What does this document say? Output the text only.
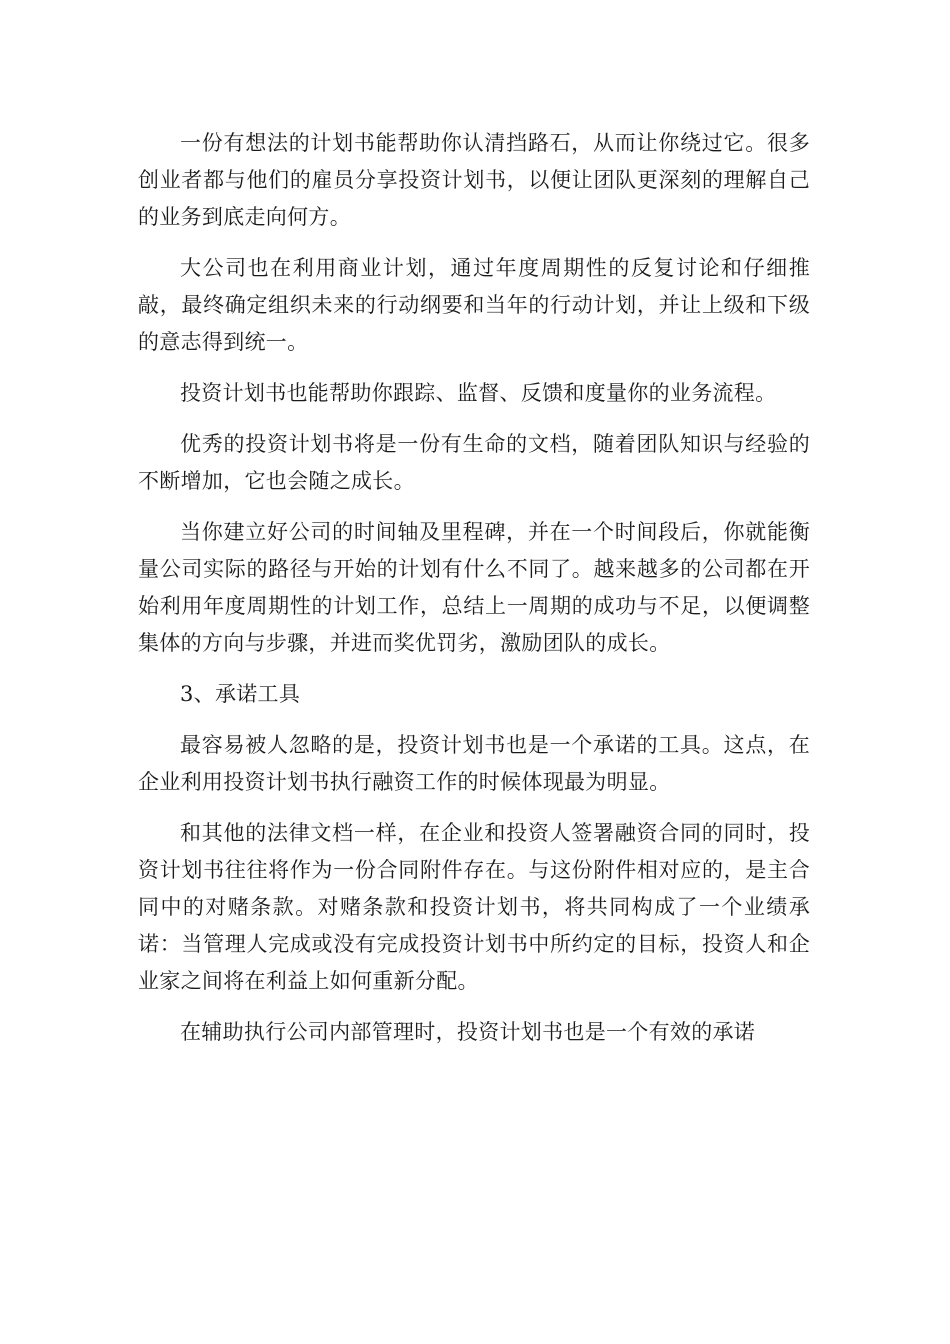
一份有想法的计划书能帮助你认清挡路石，从而让你绕过它。很多创业者都与他们的雇员分享投资计划书，以便让团队更深刻的理解自己的业务到底走向何方。

大公司也在利用商业计划，通过年度周期性的反复讨论和仔细推敲，最终确定组织未来的行动纲要和当年的行动计划，并让上级和下级的意志得到统一。

投资计划书也能帮助你跟踪、监督、反馈和度量你的业务流程。

优秀的投资计划书将是一份有生命的文档，随着团队知识与经验的不断增加，它也会随之成长。

当你建立好公司的时间轴及里程碑，并在一个时间段后，你就能衡量公司实际的路径与开始的计划有什么不同了。越来越多的公司都在开始利用年度周期性的计划工作，总结上一周期的成功与不足，以便调整集体的方向与步骤，并进而奖优罚劣，激励团队的成长。

3、承诺工具

最容易被人忽略的是，投资计划书也是一个承诺的工具。这点，在企业利用投资计划书执行融资工作的时候体现最为明显。

和其他的法律文档一样，在企业和投资人签署融资合同的同时，投资计划书往往将作为一份合同附件存在。与这份附件相对应的，是主合同中的对赌条款。对赌条款和投资计划书，将共同构成了一个业绩承诺：当管理人完成或没有完成投资计划书中所约定的目标，投资人和企业家之间将在利益上如何重新分配。

在辅助执行公司内部管理时，投资计划书也是一个有效的承诺
